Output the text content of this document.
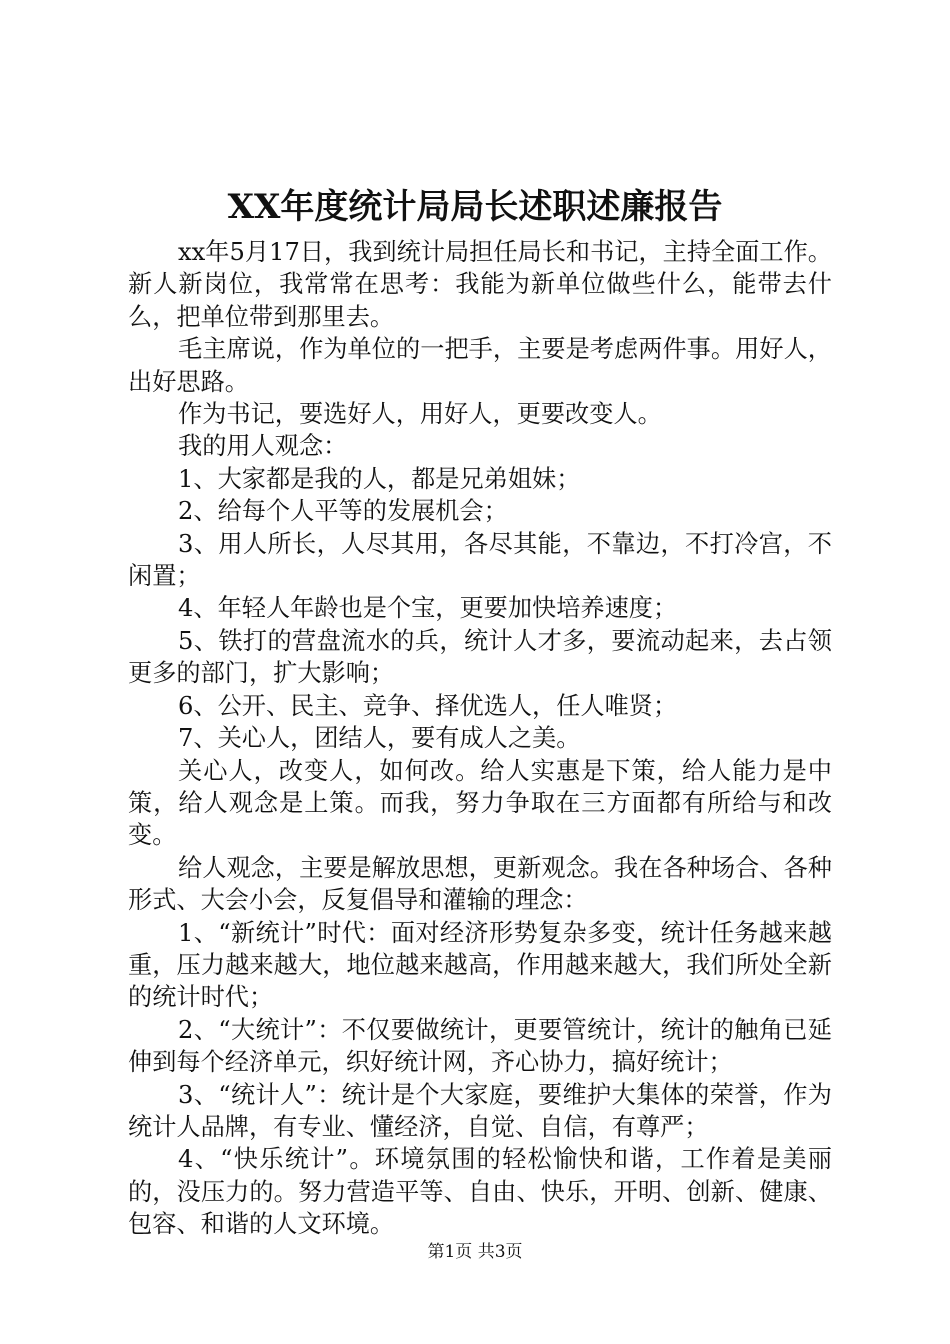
XX年度统计局局长述职述廉报告

xx年5月17日，我到统计局担任局长和书记，主持全面工作。新人新岗位，我常常在思考：我能为新单位做些什么，能带去什么，把单位带到那里去。

毛主席说，作为单位的一把手，主要是考虑两件事。用好人，出好思路。

作为书记，要选好人，用好人，更要改变人。

我的用人观念：

1、大家都是我的人，都是兄弟姐妹；

2、给每个人平等的发展机会；

3、用人所长，人尽其用，各尽其能，不靠边，不打冷宫，不闲置；

4、年轻人年龄也是个宝，更要加快培养速度；

5、铁打的营盘流水的兵，统计人才多，要流动起来，去占领更多的部门，扩大影响；

6、公开、民主、竞争、择优选人，任人唯贤；

7、关心人，团结人，要有成人之美。

关心人，改变人，如何改。给人实惠是下策，给人能力是中策，给人观念是上策。而我，努力争取在三方面都有所给与和改变。

给人观念，主要是解放思想，更新观念。我在各种场合、各种形式、大会小会，反复倡导和灌输的理念：

1、“新统计”时代：面对经济形势复杂多变，统计任务越来越重，压力越来越大，地位越来越高，作用越来越大，我们所处全新的统计时代；

2、“大统计”：不仅要做统计，更要管统计，统计的触角已延伸到每个经济单元，织好统计网，齐心协力，搞好统计；

3、“统计人”：统计是个大家庭，要维护大集体的荣誉，作为统计人品牌，有专业、懂经济，自觉、自信，有尊严；

4、“快乐统计”。环境氛围的轻松愉快和谐，工作着是美丽的，没压力的。努力营造平等、自由、快乐，开明、创新、健康、包容、和谐的人文环境。

第1页 共3页
